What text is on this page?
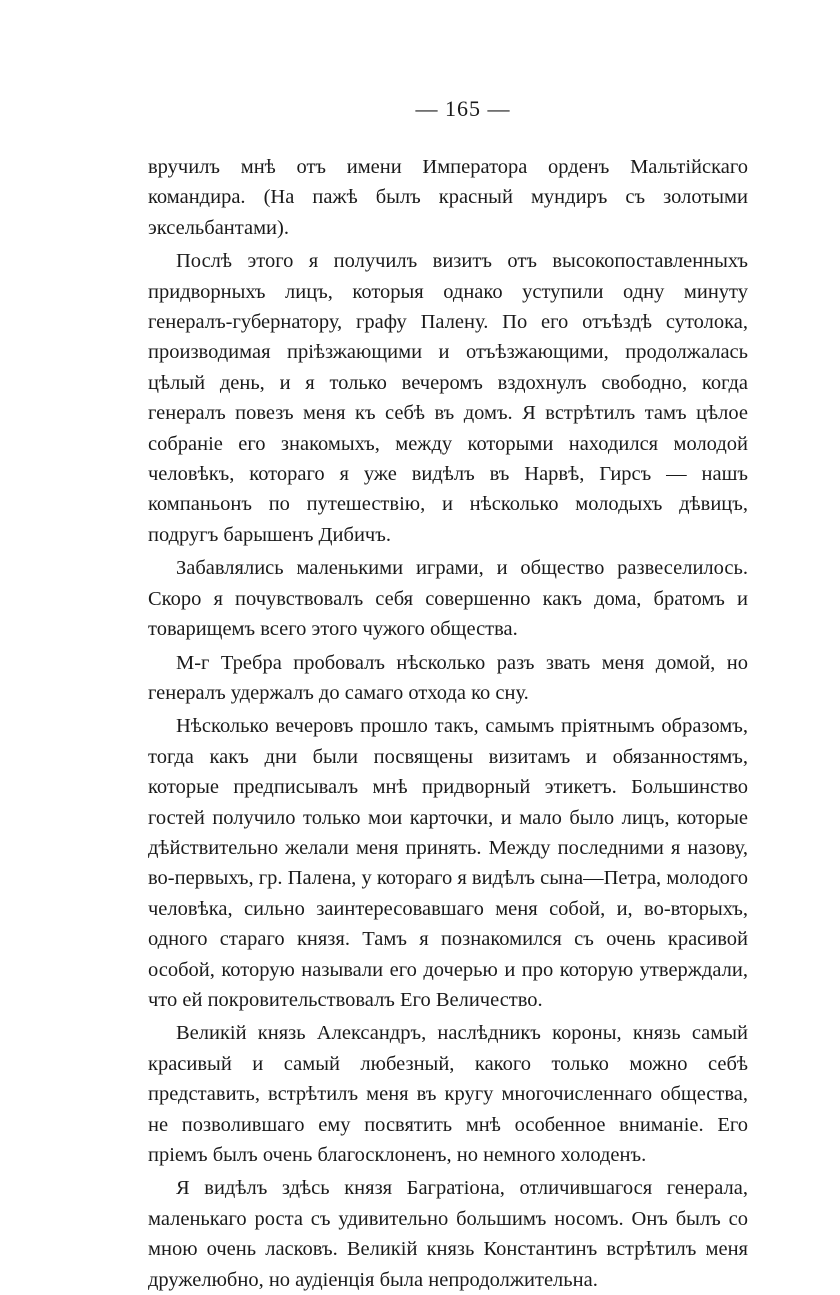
— 165 —

вручилъ мнѣ отъ имени Императора орденъ Мальтійскаго командира. (На пажѣ былъ красный мундиръ съ золотыми эксельбантами).

Послѣ этого я получилъ визитъ отъ высокопоставленныхъ придворныхъ лицъ, которыя однако уступили одну минуту генералъ-губернатору, графу Палену. По его отъѣздѣ сутолока, производимая пріѣзжающими и отъѣзжающими, продолжалась цѣлый день, и я только вечеромъ вздохнулъ свободно, когда генералъ повезъ меня къ себѣ въ домъ. Я встрѣтилъ тамъ цѣлое собраніе его знакомыхъ, между которыми находился молодой человѣкъ, котораго я уже видѣлъ въ Нарвѣ, Гирсъ — нашъ компаньонъ по путешествію, и нѣсколько молодыхъ дѣвицъ, подругъ барышенъ Дибичъ.

Забавлялись маленькими играми, и общество развеселилось. Скоро я почувствовалъ себя совершенно какъ дома, братомъ и товарищемъ всего этого чужого общества.

М-г Требра пробовалъ нѣсколько разъ звать меня домой, но генералъ удержалъ до самаго отхода ко сну.

Нѣсколько вечеровъ прошло такъ, самымъ пріятнымъ образомъ, тогда какъ дни были посвящены визитамъ и обязанностямъ, которые предписывалъ мнѣ придворный этикетъ. Большинство гостей получило только мои карточки, и мало было лицъ, которые дѣйствительно желали меня принять. Между последними я назову, во-первыхъ, гр. Палена, у котораго я видѣлъ сына—Петра, молодого человѣка, сильно заинтересовавшаго меня собой, и, во-вторыхъ, одного стараго князя. Тамъ я познакомился съ очень красивой особой, которую называли его дочерью и про которую утверждали, что ей покровительствовалъ Его Величество.

Великій князь Александръ, наслѣдникъ короны, князь самый красивый и самый любезный, какого только можно себѣ представить, встрѣтилъ меня въ кругу многочисленнаго общества, не позволившаго ему посвятить мнѣ особенное вниманіе. Его пріемъ былъ очень благосклоненъ, но немного холоденъ.

Я видѣлъ здѣсь князя Багратіона, отличившагося генерала, маленькаго роста съ удивительно большимъ носомъ. Онъ былъ со мною очень ласковъ. Великій князь Константинъ встрѣтилъ меня дружелюбно, но аудіенція была непродолжительна.
